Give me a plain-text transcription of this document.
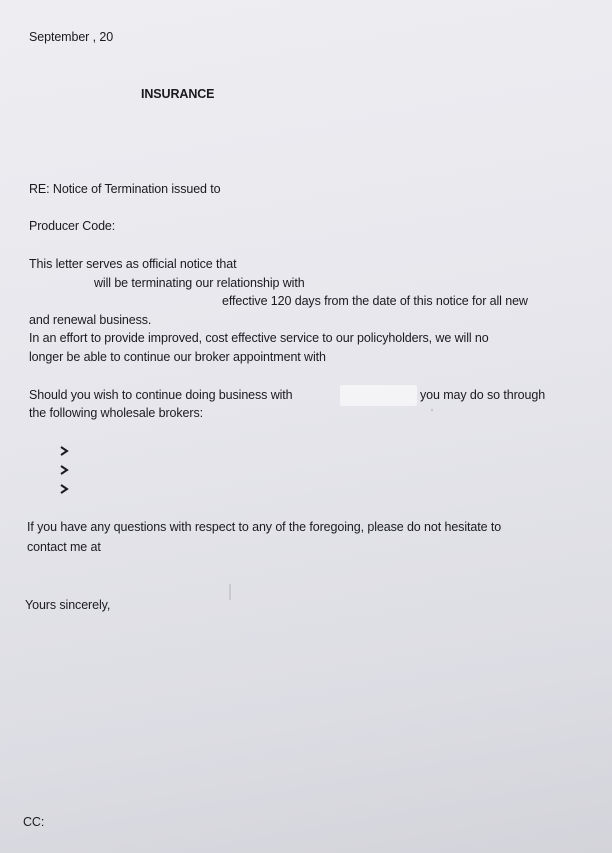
September , 20
INSURANCE
RE: Notice of Termination issued to
Producer Code:
This letter serves as official notice that
will be terminating our relationship with
effective 120 days from the date of this notice for all new
and renewal business.
In an effort to provide improved, cost effective service to our policyholders, we will no
longer be able to continue our broker appointment with
Should you wish to continue doing business with	you may do so through
the following wholesale brokers:
If you have any questions with respect to any of the foregoing, please do not hesitate to
contact me at
Yours sincerely,
CC:
